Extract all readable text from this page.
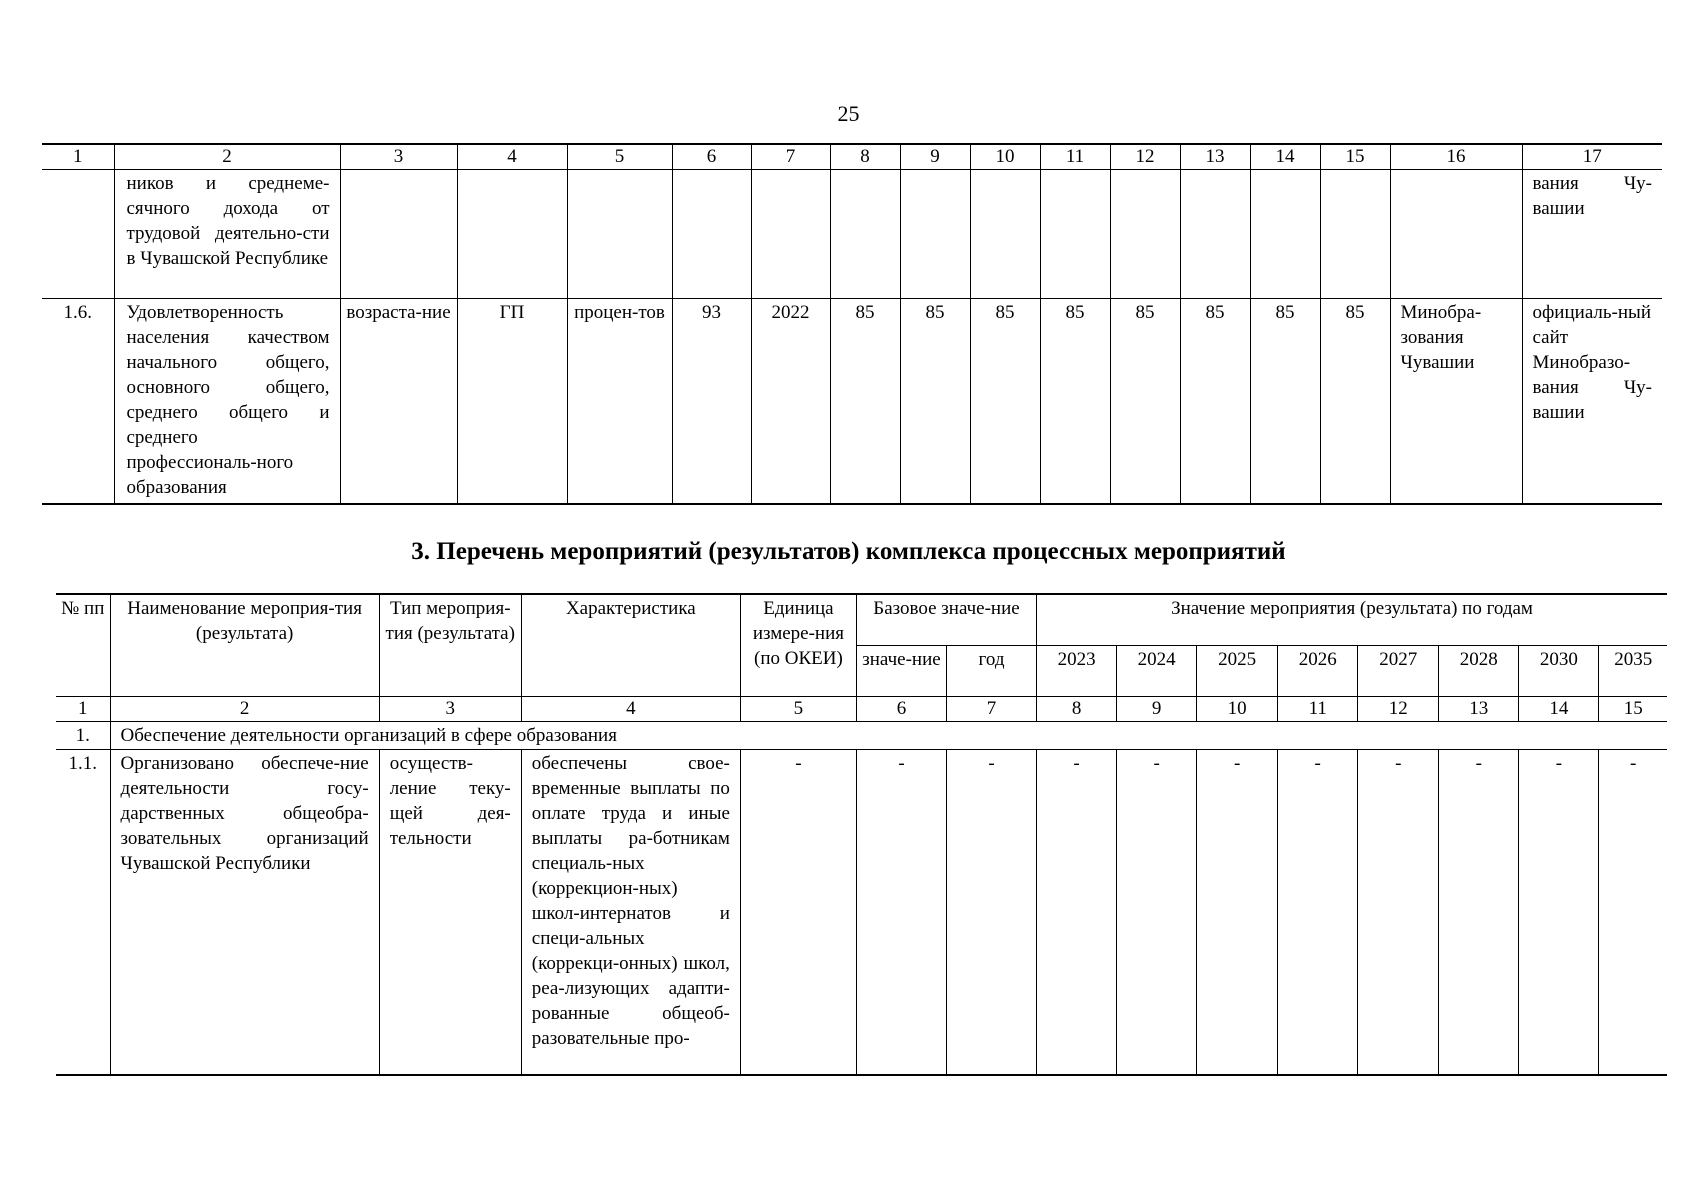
25
1	2	3	4	5	6	7	8	9	10	11	12	13	14	15	16	17
	ников и среднеме-сячного дохода от трудовой деятельно-сти в Чувашской Республике															вания Чу-вашии
1.6.	Удовлетворенность населения качеством начального общего, основного общего, среднего общего и среднего профессиональ-ного образования	возраста-ние	ГП	процен-тов	93	2022	85	85	85	85	85	85	85	85	Минобра-зования Чувашии	официаль-ный сайт Минобразо-вания Чу-вашии
3. Перечень мероприятий (результатов) комплекса процессных мероприятий
№ пп	Наименование мероприя-тия (результата)	Тип мероприя-тия (результата)	Характеристика	Единица измере-ния (по ОКЕИ)	Базовое значе-ние		Значение мероприятия (результата) по годам							
					значе-ние	год	2023	2024	2025	2026	2027	2028	2030	2035
1	2	3	4	5	6	7	8	9	10	11	12	13	14	15
1.	Обеспечение деятельности организаций в сфере образования													
1.1.	Организовано обеспече-ние деятельности госу-дарственных общеобра-зовательных организаций Чувашской Республики	осуществ-ление теку-щей дея-тельности	обеспечены свое-временные выплаты по оплате труда и иные выплаты ра-ботникам специаль-ных (коррекцион-ных) школ-интернатов и специ-альных (коррекци-онных) школ, реа-лизующих адапти-рованные общеоб-разовательные про-	-	-	-	-	-	-	-	-	-	-	-
